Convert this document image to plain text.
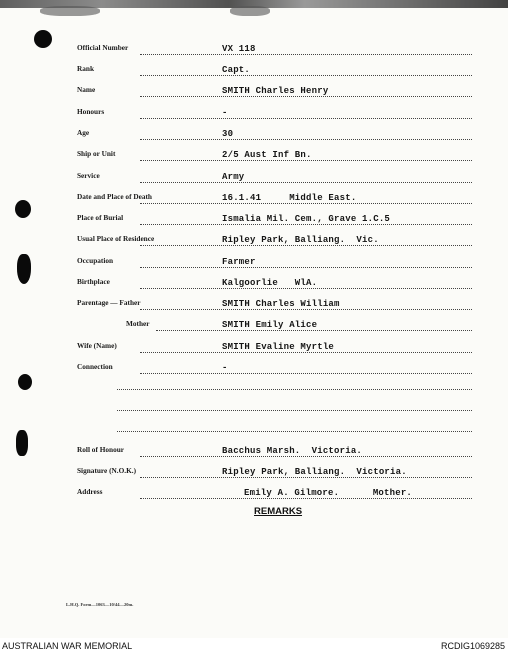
Official Number	VX 118
Rank	Capt.
Name	SMITH Charles Henry
Honours	-
Age	30
Ship or Unit	2/5 Aust Inf Bn.
Service	Army
Date and Place of Death	16.1.41     Middle East.
Place of Burial	Ismalia Mil. Cem., Grave 1.C.5
Usual Place of Residence	Ripley Park, Balliang.  Vic.
Occupation	Farmer
Birthplace	Kalgoorlie   WlA.
Parentage — Father	SMITH Charles William
Mother	SMITH Emily Alice
Wife (Name)	SMITH Evaline Myrtle
Connection	-
Roll of Honour	Bacchus Marsh.  Victoria.
Signature (N.O.K.)	Ripley Park, Balliang.  Victoria.
Address	Emily A. Gilmore.      Mother.
REMARKS
L.H.Q. Form—1063—10/44—20m.
AUSTRALIAN WAR MEMORIAL	RCDIG1069285
